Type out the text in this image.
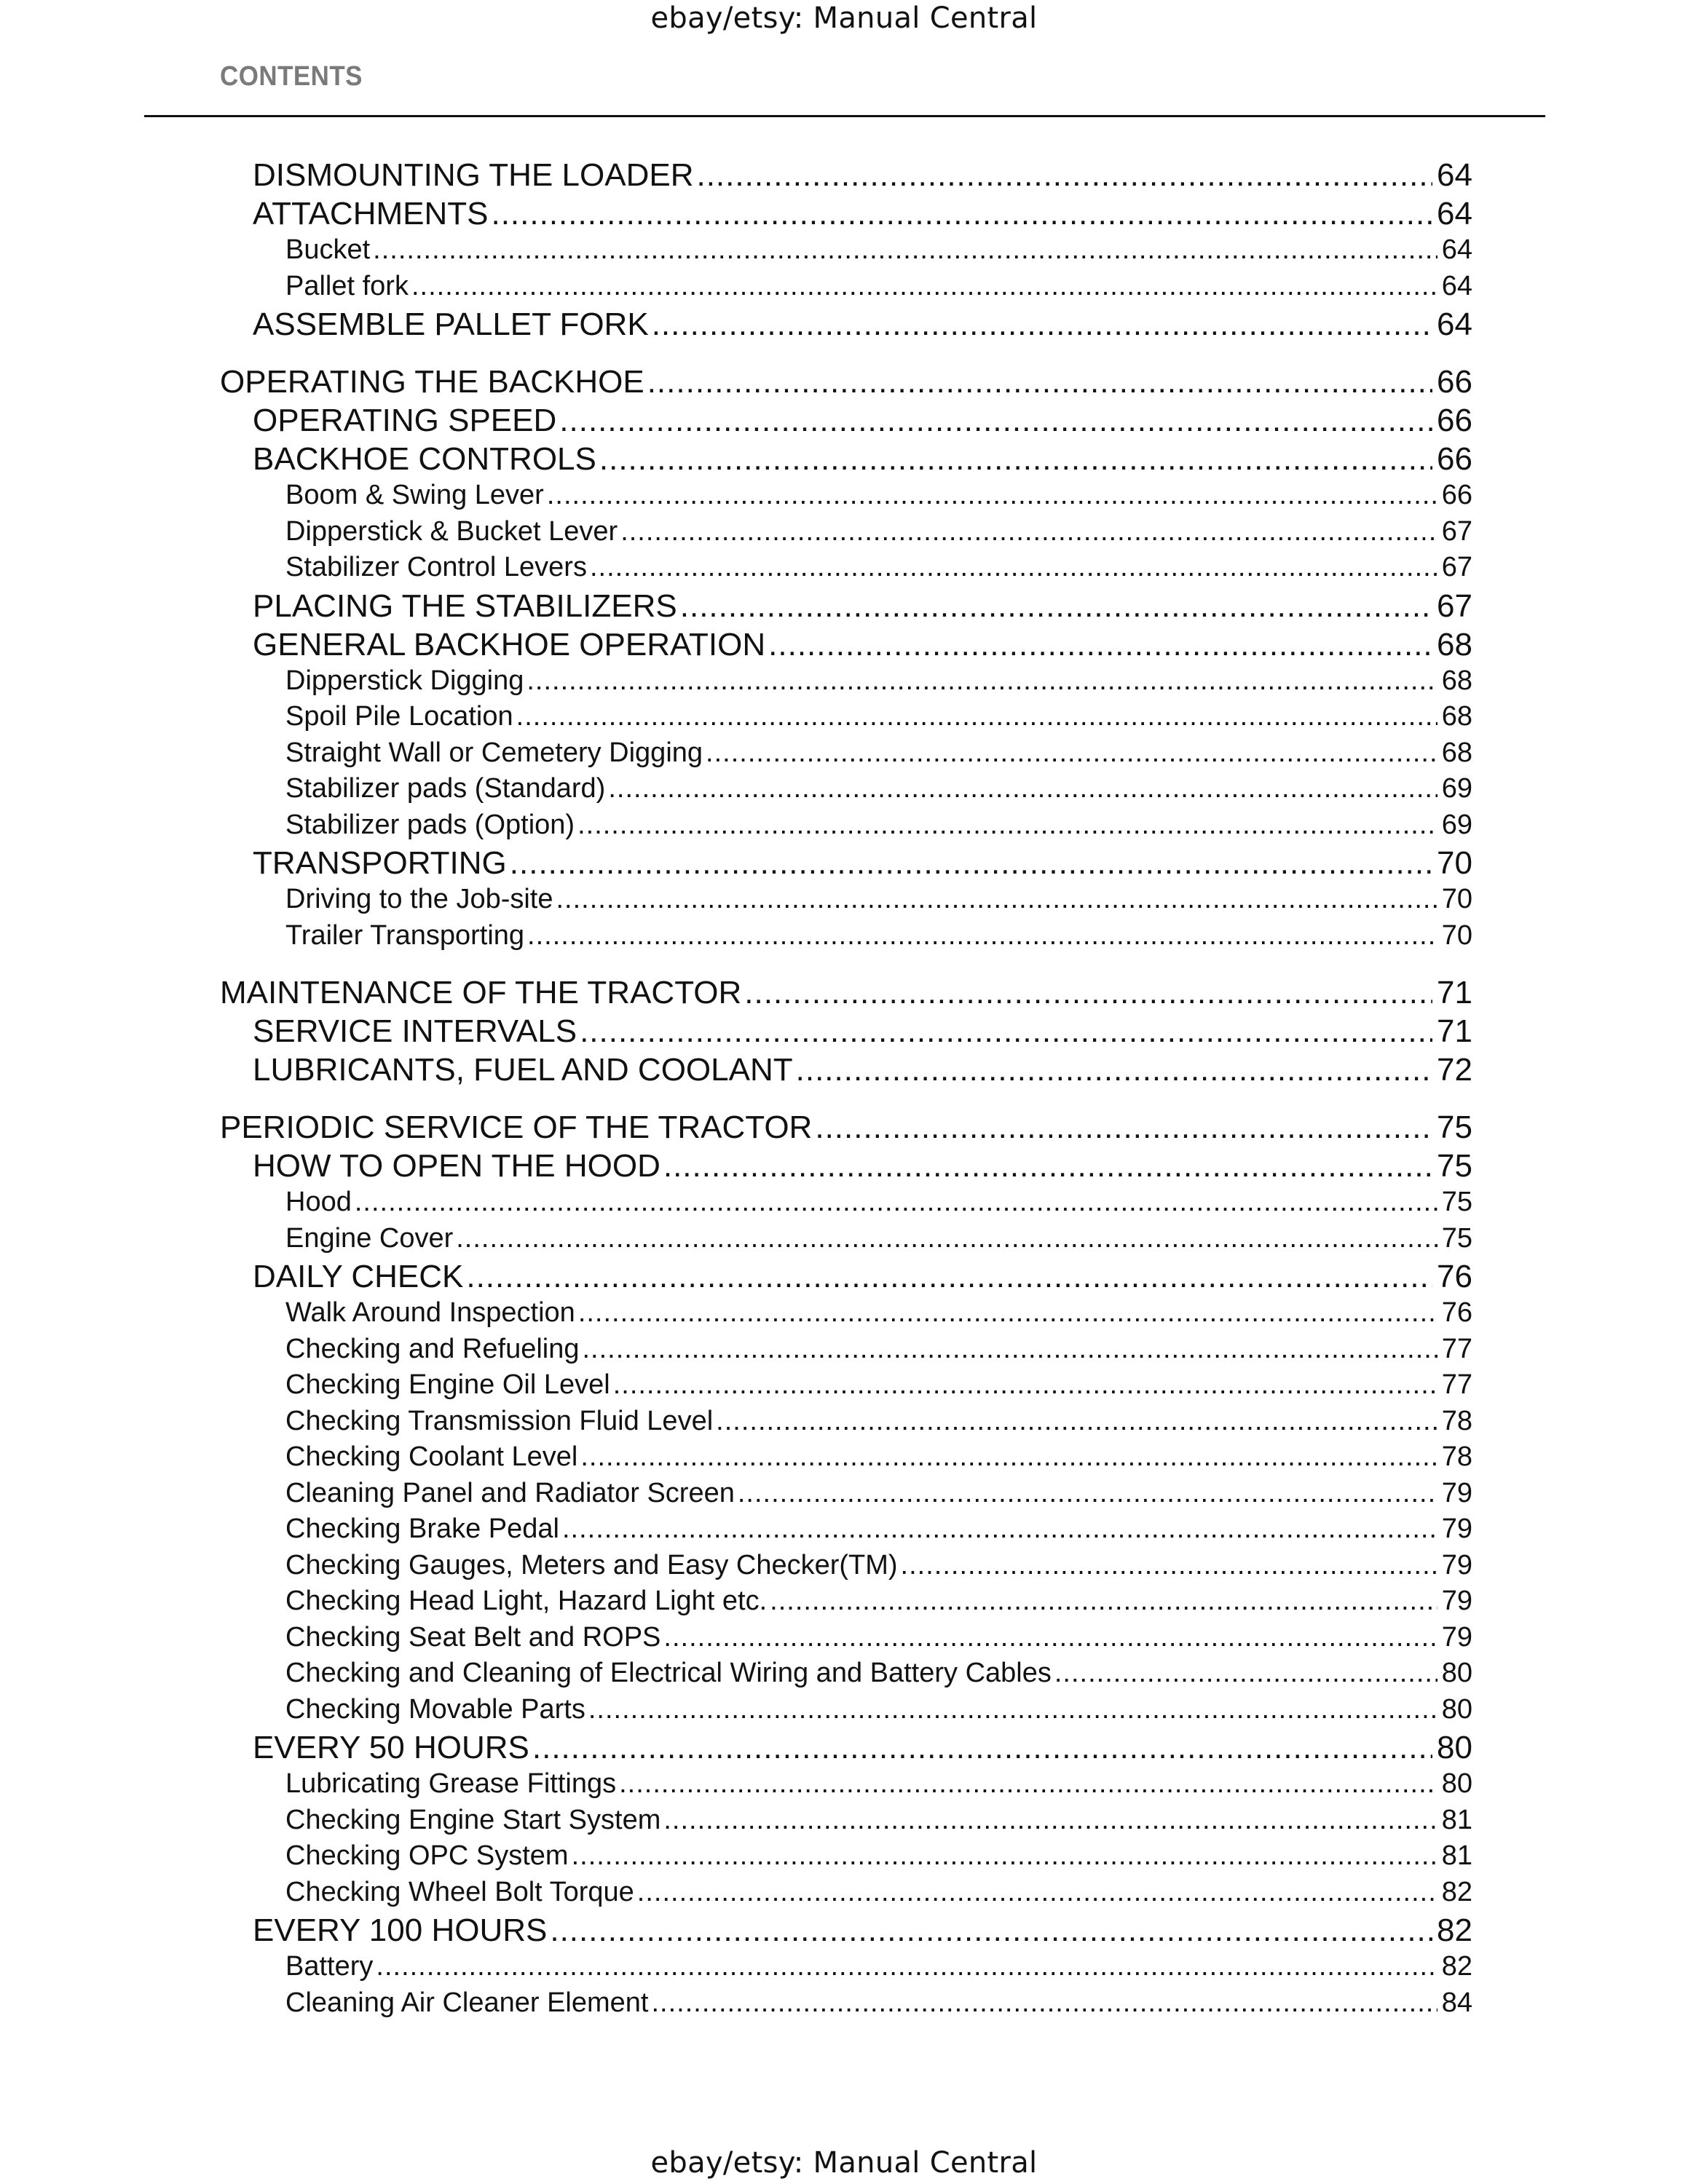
ebay/etsy: Manual Central
CONTENTS
DISMOUNTING THE LOADER .....	64
ATTACHMENTS .....	64
Bucket .....	64
Pallet fork .....	64
ASSEMBLE PALLET FORK .....	64
OPERATING THE BACKHOE .....	66
OPERATING SPEED .....	66
BACKHOE CONTROLS .....	66
Boom & Swing Lever .....	66
Dipperstick & Bucket Lever .....	67
Stabilizer Control Levers .....	67
PLACING THE STABILIZERS .....	67
GENERAL BACKHOE OPERATION .....	68
Dipperstick Digging .....	68
Spoil Pile Location .....	68
Straight Wall or Cemetery Digging .....	68
Stabilizer pads (Standard) .....	69
Stabilizer pads (Option) .....	69
TRANSPORTING .....	70
Driving to the Job-site .....	70
Trailer Transporting .....	70
MAINTENANCE OF THE TRACTOR .....	71
SERVICE INTERVALS .....	71
LUBRICANTS, FUEL AND COOLANT .....	72
PERIODIC SERVICE OF THE TRACTOR .....	75
HOW TO OPEN THE HOOD .....	75
Hood .....	75
Engine Cover .....	75
DAILY CHECK .....	76
Walk Around Inspection .....	76
Checking and Refueling .....	77
Checking Engine Oil Level .....	77
Checking Transmission Fluid Level .....	78
Checking Coolant Level .....	78
Cleaning Panel and Radiator Screen .....	79
Checking Brake Pedal .....	79
Checking Gauges, Meters and Easy Checker(TM) .....	79
Checking Head Light, Hazard Light etc. .....	79
Checking Seat Belt and ROPS .....	79
Checking and Cleaning of Electrical Wiring and Battery Cables .....	80
Checking Movable Parts .....	80
EVERY 50 HOURS .....	80
Lubricating Grease Fittings .....	80
Checking Engine Start System .....	81
Checking OPC System .....	81
Checking Wheel Bolt Torque .....	82
EVERY 100 HOURS .....	82
Battery .....	82
Cleaning Air Cleaner Element .....	84
ebay/etsy: Manual Central
